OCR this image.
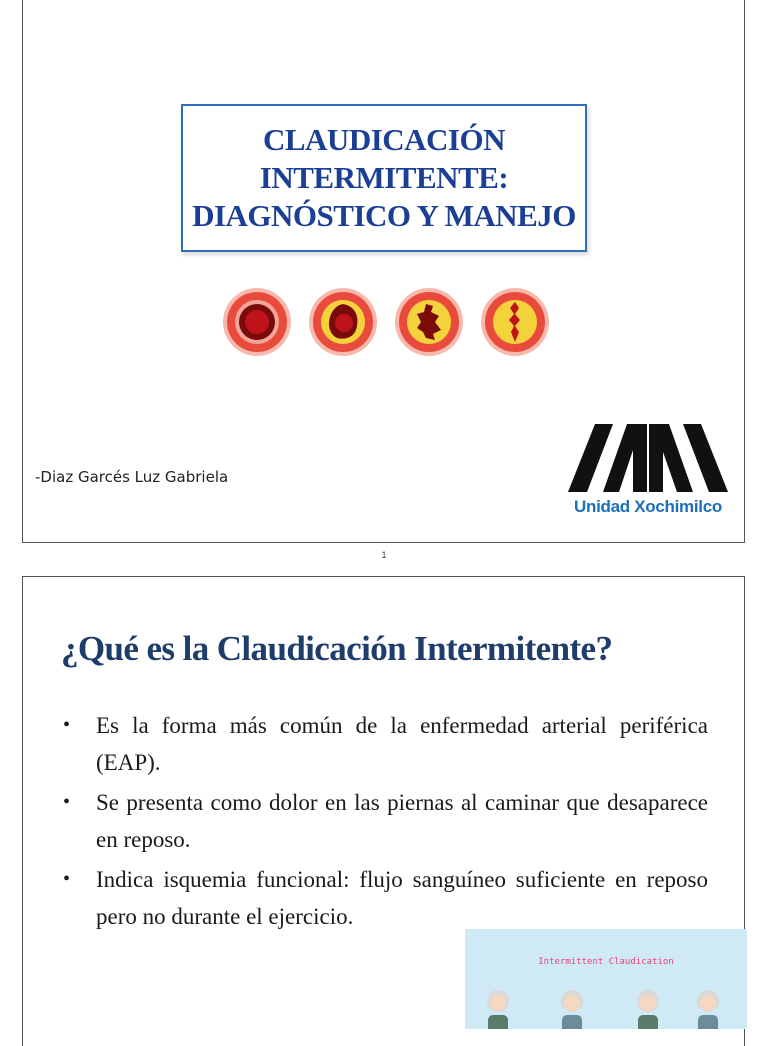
CLAUDICACIÓN
INTERMITENTE:
DIAGNÓSTICO Y MANEJO
-Diaz Garcés Luz Gabriela
Unidad Xochimilco
1
¿Qué es la Claudicación Intermitente?
• Es la forma más común de la enfermedad arterial periférica (EAP).
• Se presenta como dolor en las piernas al caminar que desaparece en reposo.
• Indica isquemia funcional: flujo sanguíneo suficiente en reposo pero no durante el ejercicio.
Intermittent Claudication
